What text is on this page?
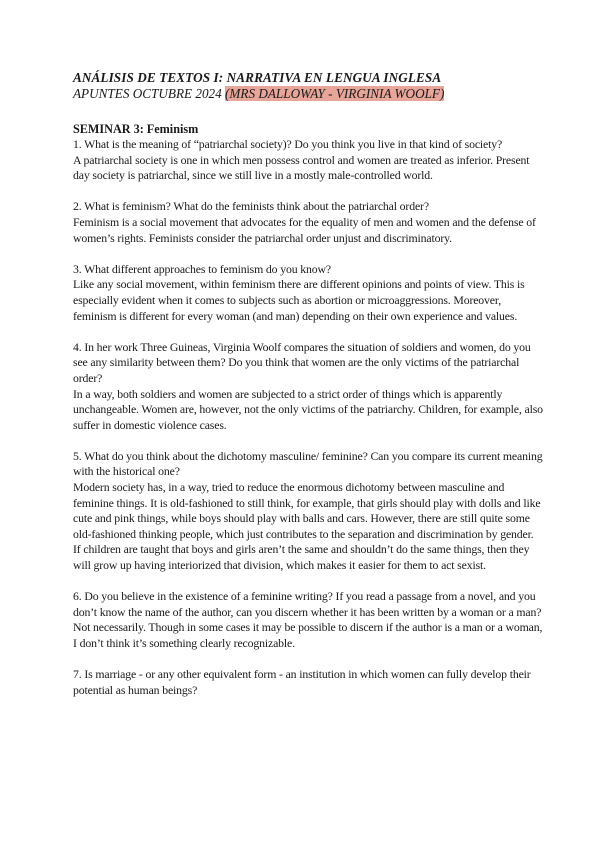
ANÁLISIS DE TEXTOS I: NARRATIVA EN LENGUA INGLESA
APUNTES OCTUBRE 2024 (MRS DALLOWAY - VIRGINIA WOOLF)
SEMINAR 3: Feminism
1. What is the meaning of “patriarchal society)? Do you think you live in that kind of society?
A patriarchal society is one in which men possess control and women are treated as inferior. Present day society is patriarchal, since we still live in a mostly male-controlled world.
2. What is feminism? What do the feminists think about the patriarchal order?
Feminism is a social movement that advocates for the equality of men and women and the defense of women’s rights. Feminists consider the patriarchal order unjust and discriminatory.
3. What different approaches to feminism do you know?
Like any social movement, within feminism there are different opinions and points of view. This is especially evident when it comes to subjects such as abortion or microaggressions. Moreover, feminism is different for every woman (and man) depending on their own experience and values.
4. In her work Three Guineas, Virginia Woolf compares the situation of soldiers and women, do you see any similarity between them? Do you think that women are the only victims of the patriarchal order?
In a way, both soldiers and women are subjected to a strict order of things which is apparently unchangeable. Women are, however, not the only victims of the patriarchy. Children, for example, also suffer in domestic violence cases.
5. What do you think about the dichotomy masculine/ feminine? Can you compare its current meaning with the historical one?
Modern society has, in a way, tried to reduce the enormous dichotomy between masculine and feminine things. It is old-fashioned to still think, for example, that girls should play with dolls and like cute and pink things, while boys should play with balls and cars. However, there are still quite some old-fashioned thinking people, which just contributes to the separation and discrimination by gender. If children are taught that boys and girls aren’t the same and shouldn’t do the same things, then they will grow up having interiorized that division, which makes it easier for them to act sexist.
6. Do you believe in the existence of a feminine writing? If you read a passage from a novel, and you don’t know the name of the author, can you discern whether it has been written by a woman or a man?
Not necessarily. Though in some cases it may be possible to discern if the author is a man or a woman, I don’t think it’s something clearly recognizable.
7. Is marriage - or any other equivalent form - an institution in which women can fully develop their potential as human beings?
